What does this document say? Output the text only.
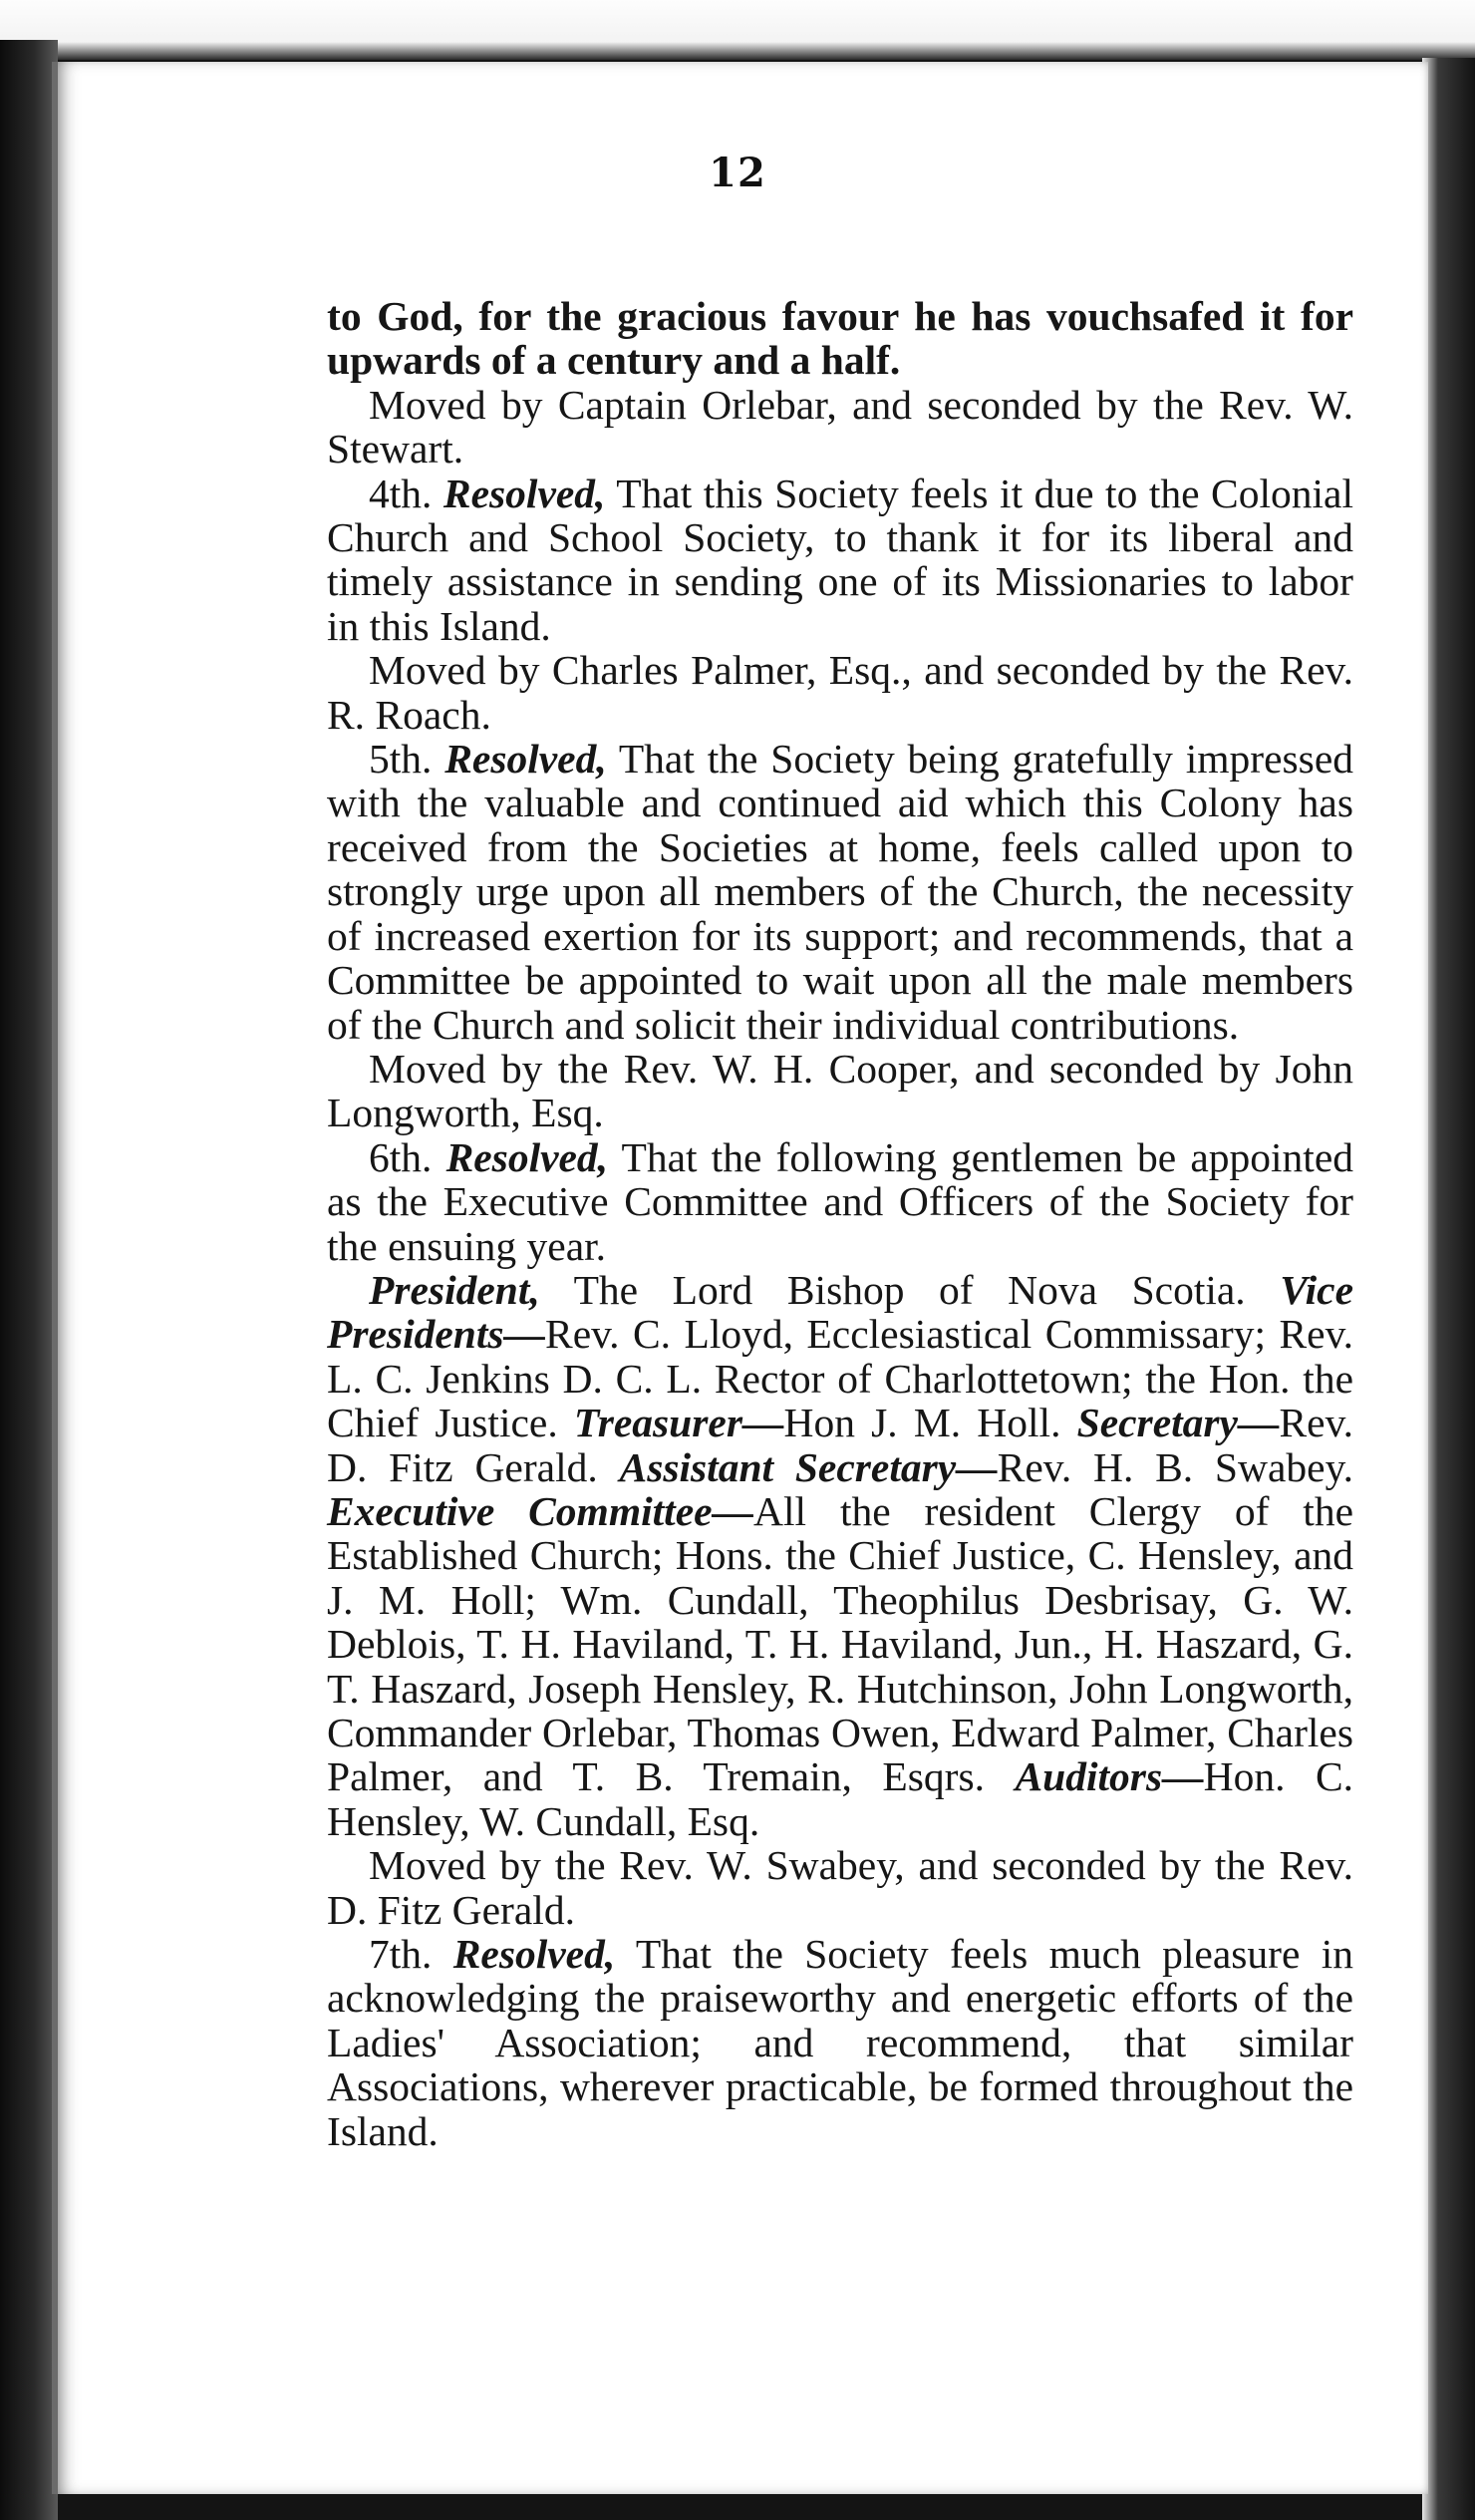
12

to God, for the gracious favour he has vouchsafed it for upwards of a century and a half.

Moved by Captain Orlebar, and seconded by the Rev. W. Stewart.

4th. Resolved, That this Society feels it due to the Colonial Church and School Society, to thank it for its liberal and timely assistance in sending one of its Missionaries to labor in this Island.

Moved by Charles Palmer, Esq., and seconded by the Rev. R. Roach.

5th. Resolved, That the Society being gratefully impressed with the valuable and continued aid which this Colony has received from the Societies at home, feels called upon to strongly urge upon all members of the Church, the necessity of increased exertion for its support; and recommends, that a Committee be appointed to wait upon all the male members of the Church and solicit their individual contributions.

Moved by the Rev. W. H. Cooper, and seconded by John Longworth, Esq.

6th. Resolved, That the following gentlemen be appointed as the Executive Committee and Officers of the Society for the ensuing year.

President, The Lord Bishop of Nova Scotia. Vice Presidents—Rev. C. Lloyd, Ecclesiastical Commissary; Rev. L. C. Jenkins D. C. L. Rector of Charlottetown; the Hon. the Chief Justice. Treasurer—Hon J. M. Holl. Secretary—Rev. D. Fitz Gerald. Assistant Secretary—Rev. H. B. Swabey. Executive Committee—All the resident Clergy of the Established Church; Hons. the Chief Justice, C. Hensley, and J. M. Holl; Wm. Cundall, Theophilus Desbrisay, G. W. Deblois, T. H. Haviland, T. H. Haviland, Jun., H. Haszard, G. T. Haszard, Joseph Hensley, R. Hutchinson, John Longworth, Commander Orlebar, Thomas Owen, Edward Palmer, Charles Palmer, and T. B. Tremain, Esqrs. Auditors—Hon. C. Hensley, W. Cundall, Esq.

Moved by the Rev. W. Swabey, and seconded by the Rev. D. Fitz Gerald.

7th. Resolved, That the Society feels much pleasure in acknowledging the praiseworthy and energetic efforts of the Ladies' Association; and recommend, that similar Associations, wherever practicable, be formed throughout the Island.
